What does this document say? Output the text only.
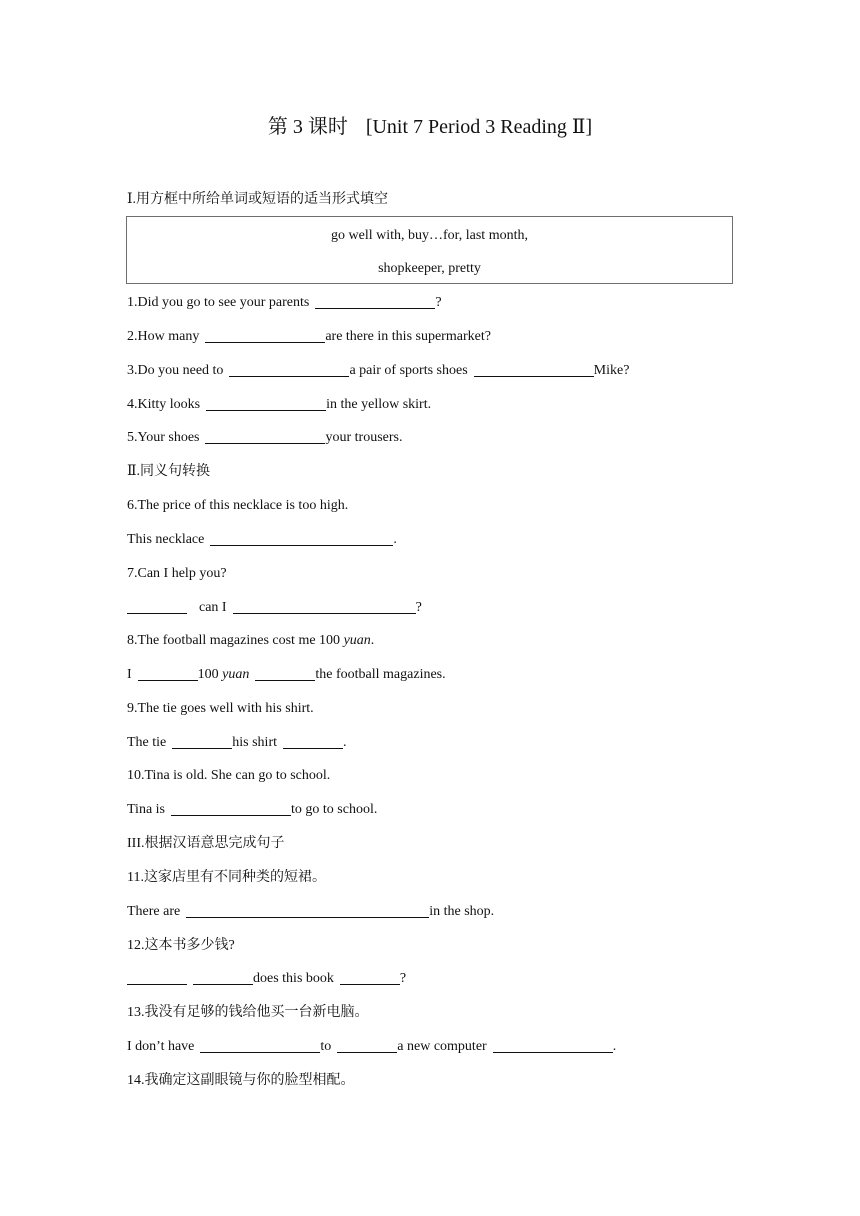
第 3 课时 [Unit 7 Period 3 Reading Ⅱ]
Ⅰ.用方框中所给单词或短语的适当形式填空
go well with, buy…for, last month,
shopkeeper, pretty
1.Did you go to see your parents	?
2.How many	are there in this supermarket?
3.Do you need to	a pair of sports shoes	Mike?
4.Kitty looks	in the yellow skirt.
5.Your shoes	your trousers.
Ⅱ.同义句转换
6.The price of this necklace is too high.
This necklace	.
7.Can I help you?
can I	?
8.The football magazines cost me 100 yuan.
I	100 yuan	the football magazines.
9.The tie goes well with his shirt.
The tie	his shirt	.
10.Tina is old. She can go to school.
Tina is	to go to school.
III.根据汉语意思完成句子
11.这家店里有不同种类的短裙。
There are	in the shop.
12.这本书多少钱?
does this book	?
13.我没有足够的钱给他买一台新电脑。
I don’t have	to	a new computer	.
14.我确定这副眼镜与你的脸型相配。
